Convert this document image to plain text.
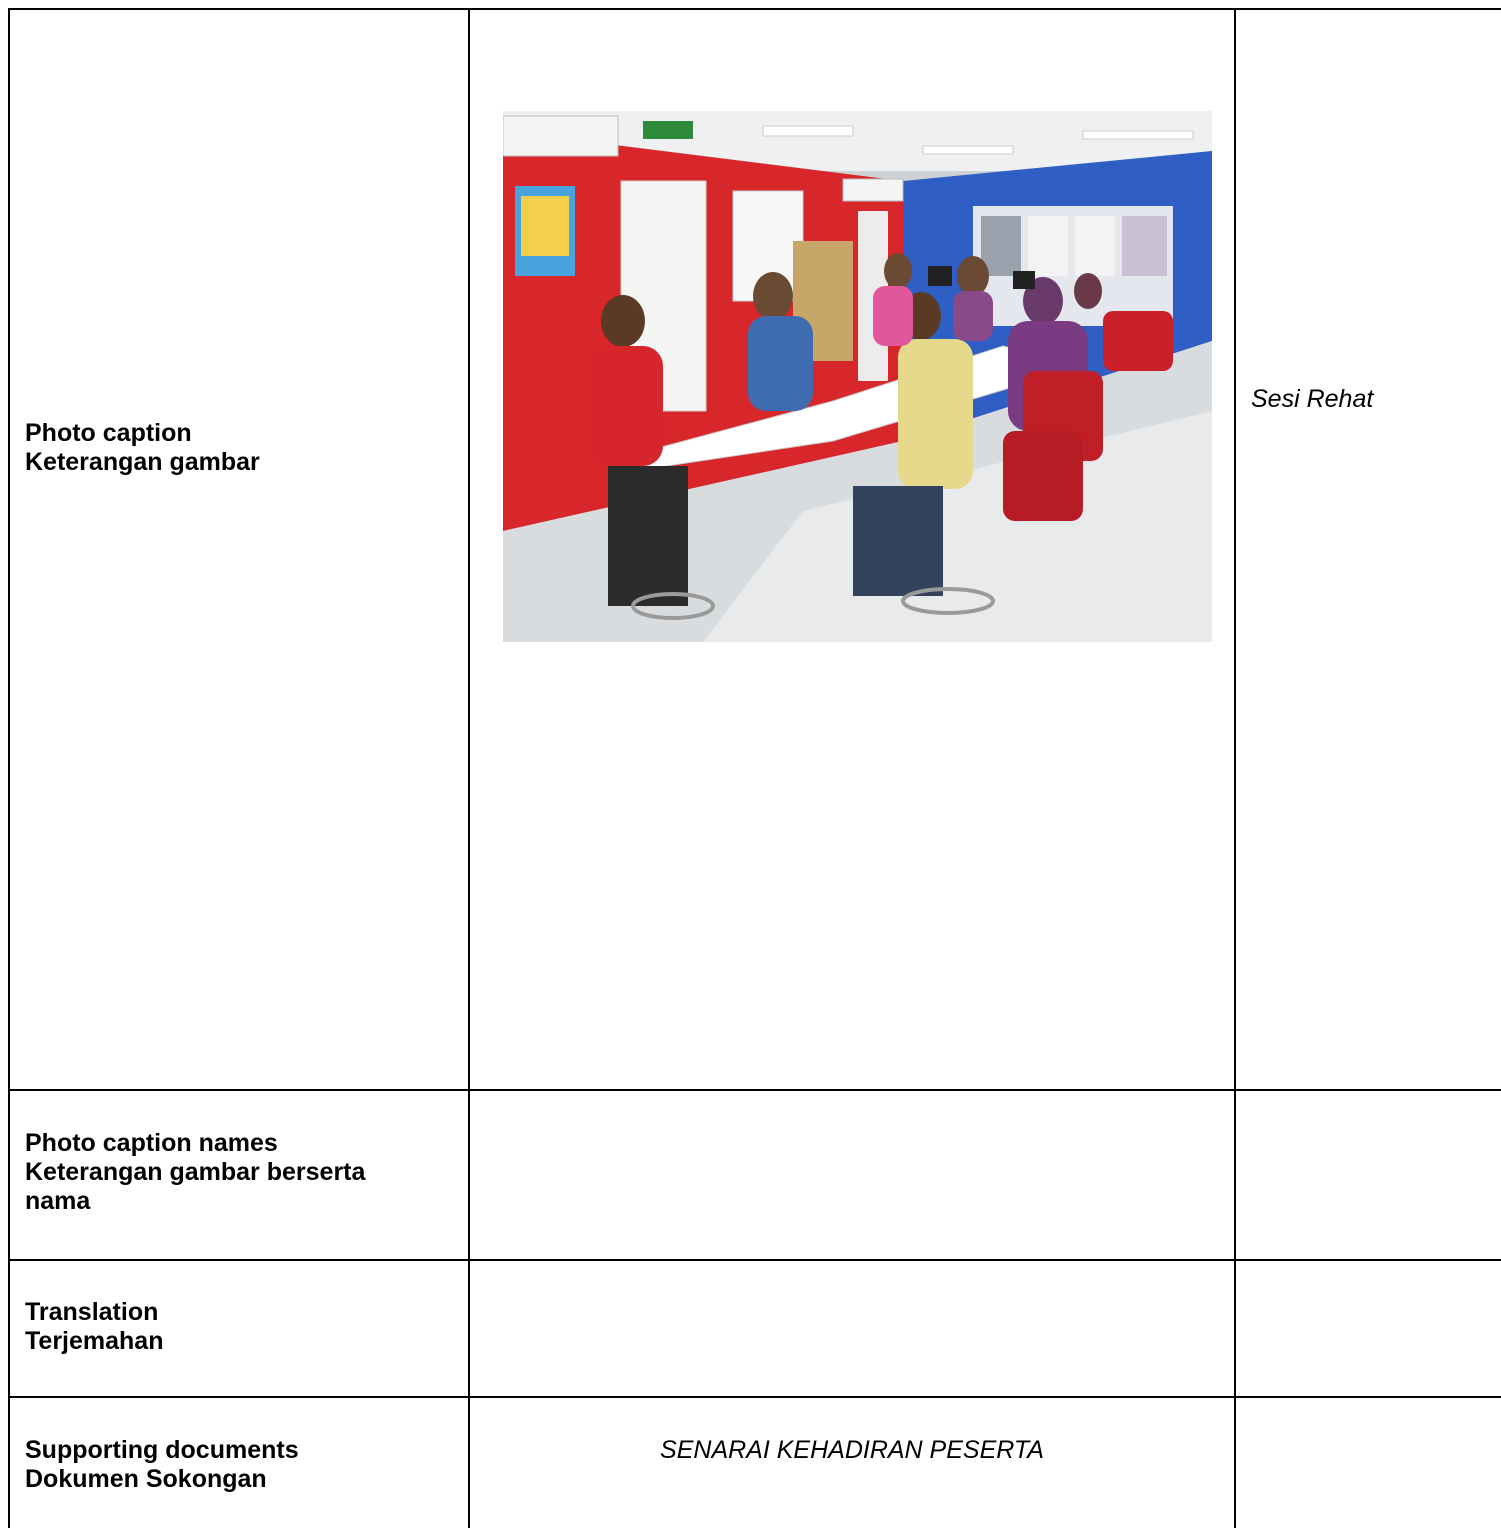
Photo caption
Keterangan gambar
Sesi Rehat
Photo caption names
Keterangan gambar berserta
nama
Translation
Terjemahan
Supporting documents
Dokumen Sokongan
SENARAI KEHADIRAN PESERTA
